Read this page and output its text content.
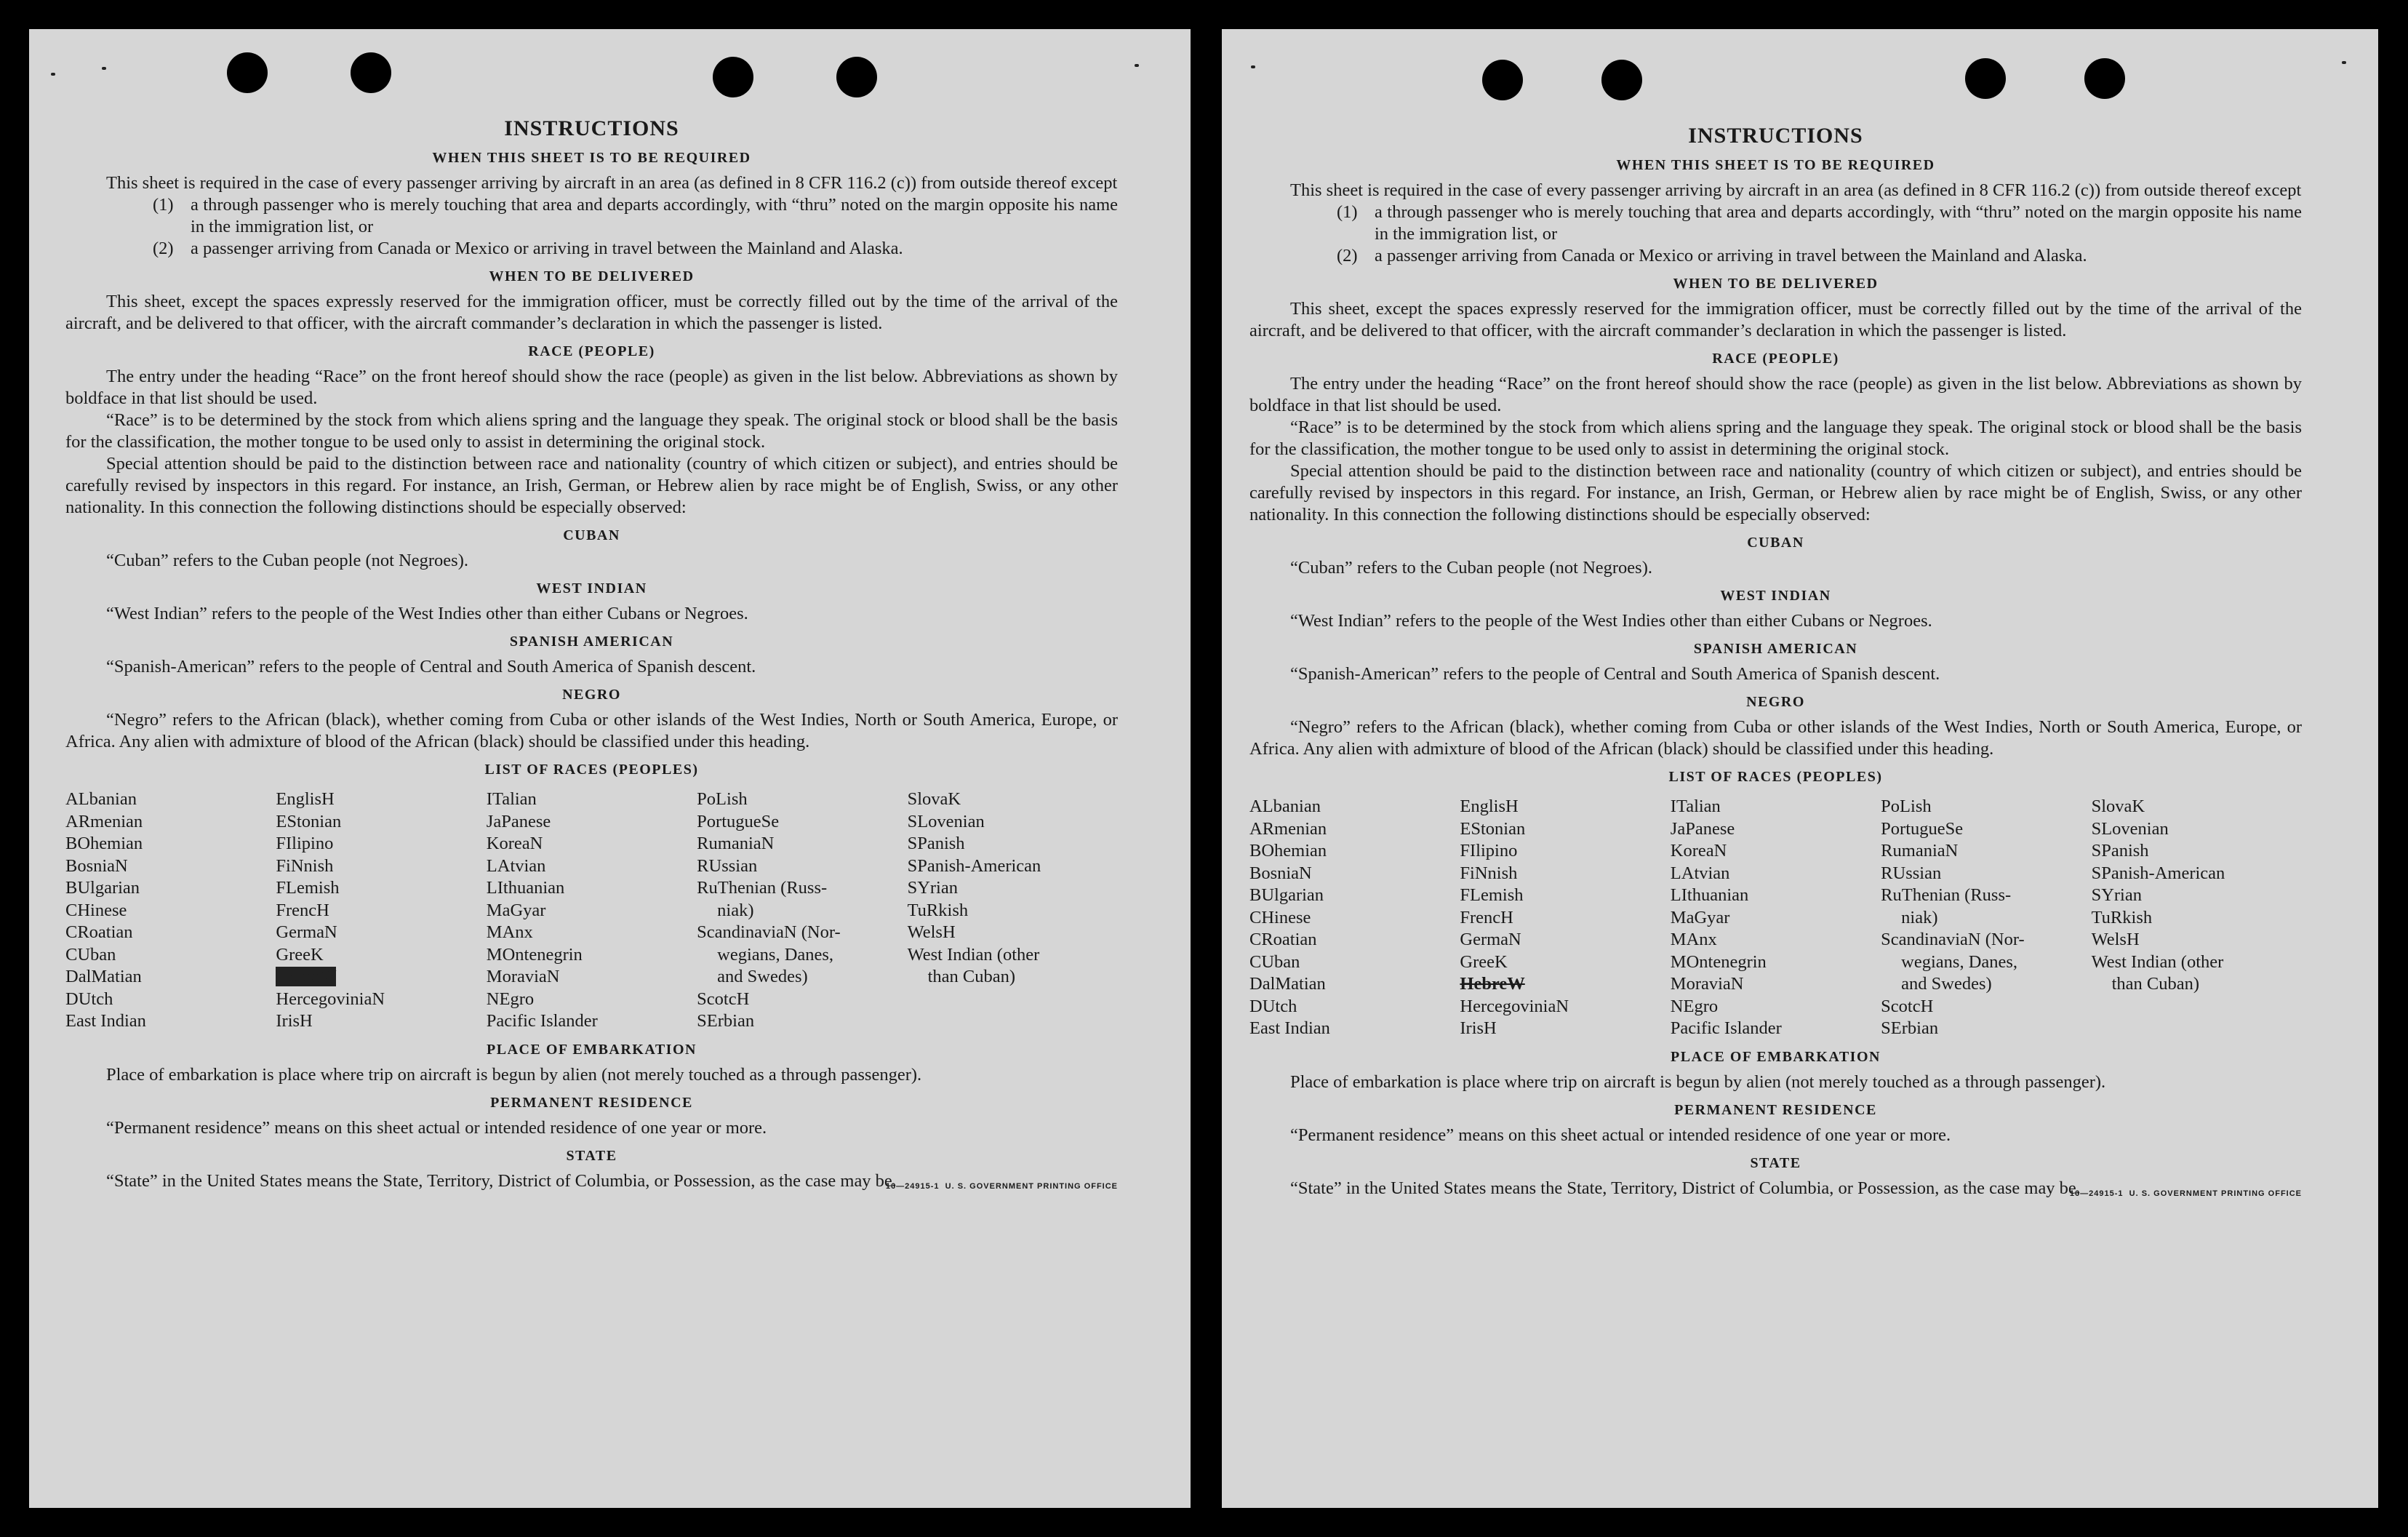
INSTRUCTIONS
WHEN THIS SHEET IS TO BE REQUIRED

This sheet is required in the case of every passenger arriving by aircraft in an area (as defined in 8 CFR 116.2 (c)) from outside thereof except

(1) a through passenger who is merely touching that area and departs accordingly, with “thru” noted on the margin opposite his name in the immigration list, or
(2) a passenger arriving from Canada or Mexico or arriving in travel between the Mainland and Alaska.
WHEN TO BE DELIVERED

This sheet, except the spaces expressly reserved for the immigration officer, must be correctly filled out by the time of the arrival of the aircraft, and be delivered to that officer, with the aircraft commander’s declaration in which the passenger is listed.

RACE (PEOPLE)

The entry under the heading “Race” on the front hereof should show the race (people) as given in the list below. Abbreviations as shown by boldface in that list should be used.

“Race” is to be determined by the stock from which aliens spring and the language they speak. The original stock or blood shall be the basis for the classification, the mother tongue to be used only to assist in determining the original stock.

Special attention should be paid to the distinction between race and nationality (country of which citizen or subject), and entries should be carefully revised by inspectors in this regard. For instance, an Irish, German, or Hebrew alien by race might be of English, Swiss, or any other nationality. In this connection the following distinctions should be especially observed:

CUBAN

“Cuban” refers to the Cuban people (not Negroes).

WEST INDIAN

“West Indian” refers to the people of the West Indies other than either Cubans or Negroes.

SPANISH AMERICAN

“Spanish-American” refers to the people of Central and South America of Spanish descent.

NEGRO

“Negro” refers to the African (black), whether coming from Cuba or other islands of the West Indies, North or South America, Europe, or Africa. Any alien with admixture of blood of the African (black) should be classified under this heading.

LIST OF RACES (PEOPLES)
ALbanian
ARmenian
BOhemian
BosniaN
BUlgarian
CHinese
CRoatian
CUban
DalMatian
DUtch
East Indian
EnglisH
EStonian
FIlipino
FiNnish
FLemish
FrencH
GermaN
GreeK
HebreW
HercegoviniaN
IrisH
ITalian
JaPanese
KoreaN
LAtvian
LIthuanian
MaGyar
MAnx
MOntenegrin
MoraviaN
NEgro
Pacific Islander
PoLish
PortugueSe
RumaniaN
RUssian
RuThenian (Russ-
niak)
ScandinaviaN (Nor-
wegians, Danes,
and Swedes)
ScotcH
SErbian
SlovaK
SLovenian
SPanish
SPanish-American
SYrian
TuRkish
WelsH
West Indian (other
than Cuban)
PLACE OF EMBARKATION

Place of embarkation is place where trip on aircraft is begun by alien (not merely touched as a through passenger).

PERMANENT RESIDENCE

“Permanent residence” means on this sheet actual or intended residence of one year or more.

STATE

“State” in the United States means the State, Territory, District of Columbia, or Possession, as the case may be.

16—24915-1 U. S. GOVERNMENT PRINTING OFFICE
INSTRUCTIONS
WHEN THIS SHEET IS TO BE REQUIRED

This sheet is required in the case of every passenger arriving by aircraft in an area (as defined in 8 CFR 116.2 (c)) from outside thereof except

(1) a through passenger who is merely touching that area and departs accordingly, with “thru” noted on the margin opposite his name in the immigration list, or
(2) a passenger arriving from Canada or Mexico or arriving in travel between the Mainland and Alaska.
WHEN TO BE DELIVERED

This sheet, except the spaces expressly reserved for the immigration officer, must be correctly filled out by the time of the arrival of the aircraft, and be delivered to that officer, with the aircraft commander’s declaration in which the passenger is listed.

RACE (PEOPLE)

The entry under the heading “Race” on the front hereof should show the race (people) as given in the list below. Abbreviations as shown by boldface in that list should be used.

“Race” is to be determined by the stock from which aliens spring and the language they speak. The original stock or blood shall be the basis for the classification, the mother tongue to be used only to assist in determining the original stock.

Special attention should be paid to the distinction between race and nationality (country of which citizen or subject), and entries should be carefully revised by inspectors in this regard. For instance, an Irish, German, or Hebrew alien by race might be of English, Swiss, or any other nationality. In this connection the following distinctions should be especially observed:

CUBAN

“Cuban” refers to the Cuban people (not Negroes).

WEST INDIAN

“West Indian” refers to the people of the West Indies other than either Cubans or Negroes.

SPANISH AMERICAN

“Spanish-American” refers to the people of Central and South America of Spanish descent.

NEGRO

“Negro” refers to the African (black), whether coming from Cuba or other islands of the West Indies, North or South America, Europe, or Africa. Any alien with admixture of blood of the African (black) should be classified under this heading.

LIST OF RACES (PEOPLES)
ALbanian
ARmenian
BOhemian
BosniaN
BUlgarian
CHinese
CRoatian
CUban
DalMatian
DUtch
East Indian
EnglisH
EStonian
FIlipino
FiNnish
FLemish
FrencH
GermaN
GreeK
HebreW
HercegoviniaN
IrisH
ITalian
JaPanese
KoreaN
LAtvian
LIthuanian
MaGyar
MAnx
MOntenegrin
MoraviaN
NEgro
Pacific Islander
PoLish
PortugueSe
RumaniaN
RUssian
RuThenian (Russ-
niak)
ScandinaviaN (Nor-
wegians, Danes,
and Swedes)
ScotcH
SErbian
SlovaK
SLovenian
SPanish
SPanish-American
SYrian
TuRkish
WelsH
West Indian (other
than Cuban)
PLACE OF EMBARKATION

Place of embarkation is place where trip on aircraft is begun by alien (not merely touched as a through passenger).

PERMANENT RESIDENCE

“Permanent residence” means on this sheet actual or intended residence of one year or more.

STATE

“State” in the United States means the State, Territory, District of Columbia, or Possession, as the case may be.

16—24915-1 U. S. GOVERNMENT PRINTING OFFICE
